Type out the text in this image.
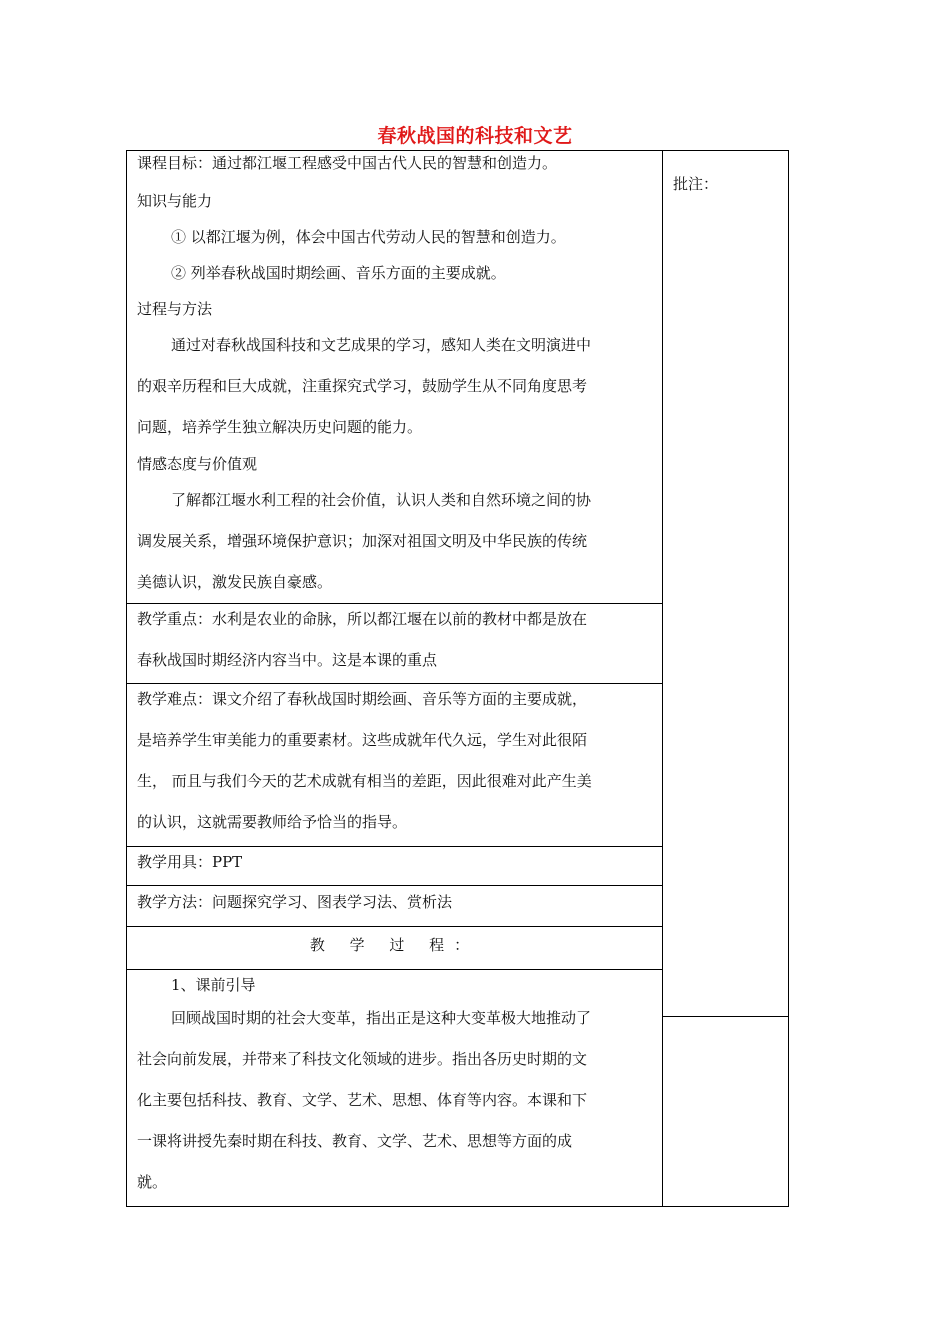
春秋战国的科技和文艺
批注：
课程目标：通过都江堰工程感受中国古代人民的智慧和创造力。
知识与能力
① 以都江堰为例，体会中国古代劳动人民的智慧和创造力。
② 列举春秋战国时期绘画、音乐方面的主要成就。
过程与方法
通过对春秋战国科技和文艺成果的学习，感知人类在文明演进中
的艰辛历程和巨大成就，注重探究式学习，鼓励学生从不同角度思考
问题，培养学生独立解决历史问题的能力。
情感态度与价值观
了解都江堰水利工程的社会价值，认识人类和自然环境之间的协
调发展关系，增强环境保护意识；加深对祖国文明及中华民族的传统
美德认识，激发民族自豪感。
教学重点：水利是农业的命脉，所以都江堰在以前的教材中都是放在
春秋战国时期经济内容当中。这是本课的重点
教学难点：课文介绍了春秋战国时期绘画、音乐等方面的主要成就，
是培养学生审美能力的重要素材。这些成就年代久远，学生对此很陌
生， 而且与我们今天的艺术成就有相当的差距，因此很难对此产生美
的认识，这就需要教师给予恰当的指导。
教学用具：PPT
教学方法：问题探究学习、图表学习法、赏析法
教 学 过 程：
1、课前引导
回顾战国时期的社会大变革，指出正是这种大变革极大地推动了
社会向前发展，并带来了科技文化领域的进步。指出各历史时期的文
化主要包括科技、教育、文学、艺术、思想、体育等内容。本课和下
一课将讲授先秦时期在科技、教育、文学、艺术、思想等方面的成
就。
